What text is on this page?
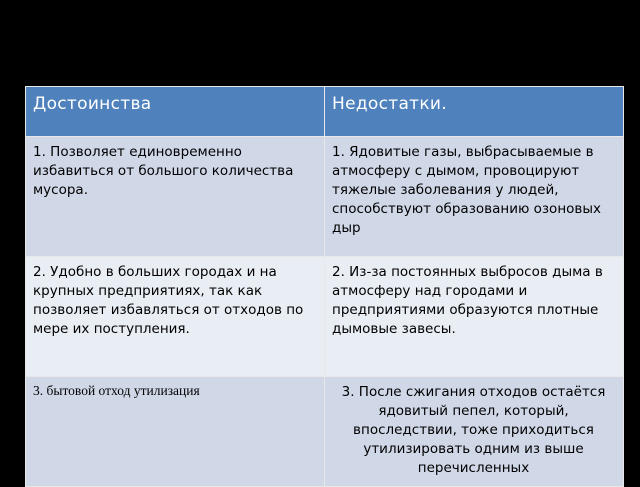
Достоинства	Недостатки.
1. Позволяет единовременно избавиться от большого количества мусора.	1. Ядовитые газы, выбрасываемые в атмосферу с дымом, провоцируют тяжелые заболевания у людей, способствуют образованию озоновых дыр
2. Удобно в больших городах и на крупных предприятиях, так как позволяет избавляться от отходов по мере их поступления.	2. Из-за постоянных выбросов дыма в атмосферу над городами и предприятиями образуются плотные дымовые завесы.
3. бытовой отход утилизация	3. После сжигания отходов остаётся ядовитый пепел, который, впоследствии, тоже приходиться утилизировать одним из выше перечисленных
